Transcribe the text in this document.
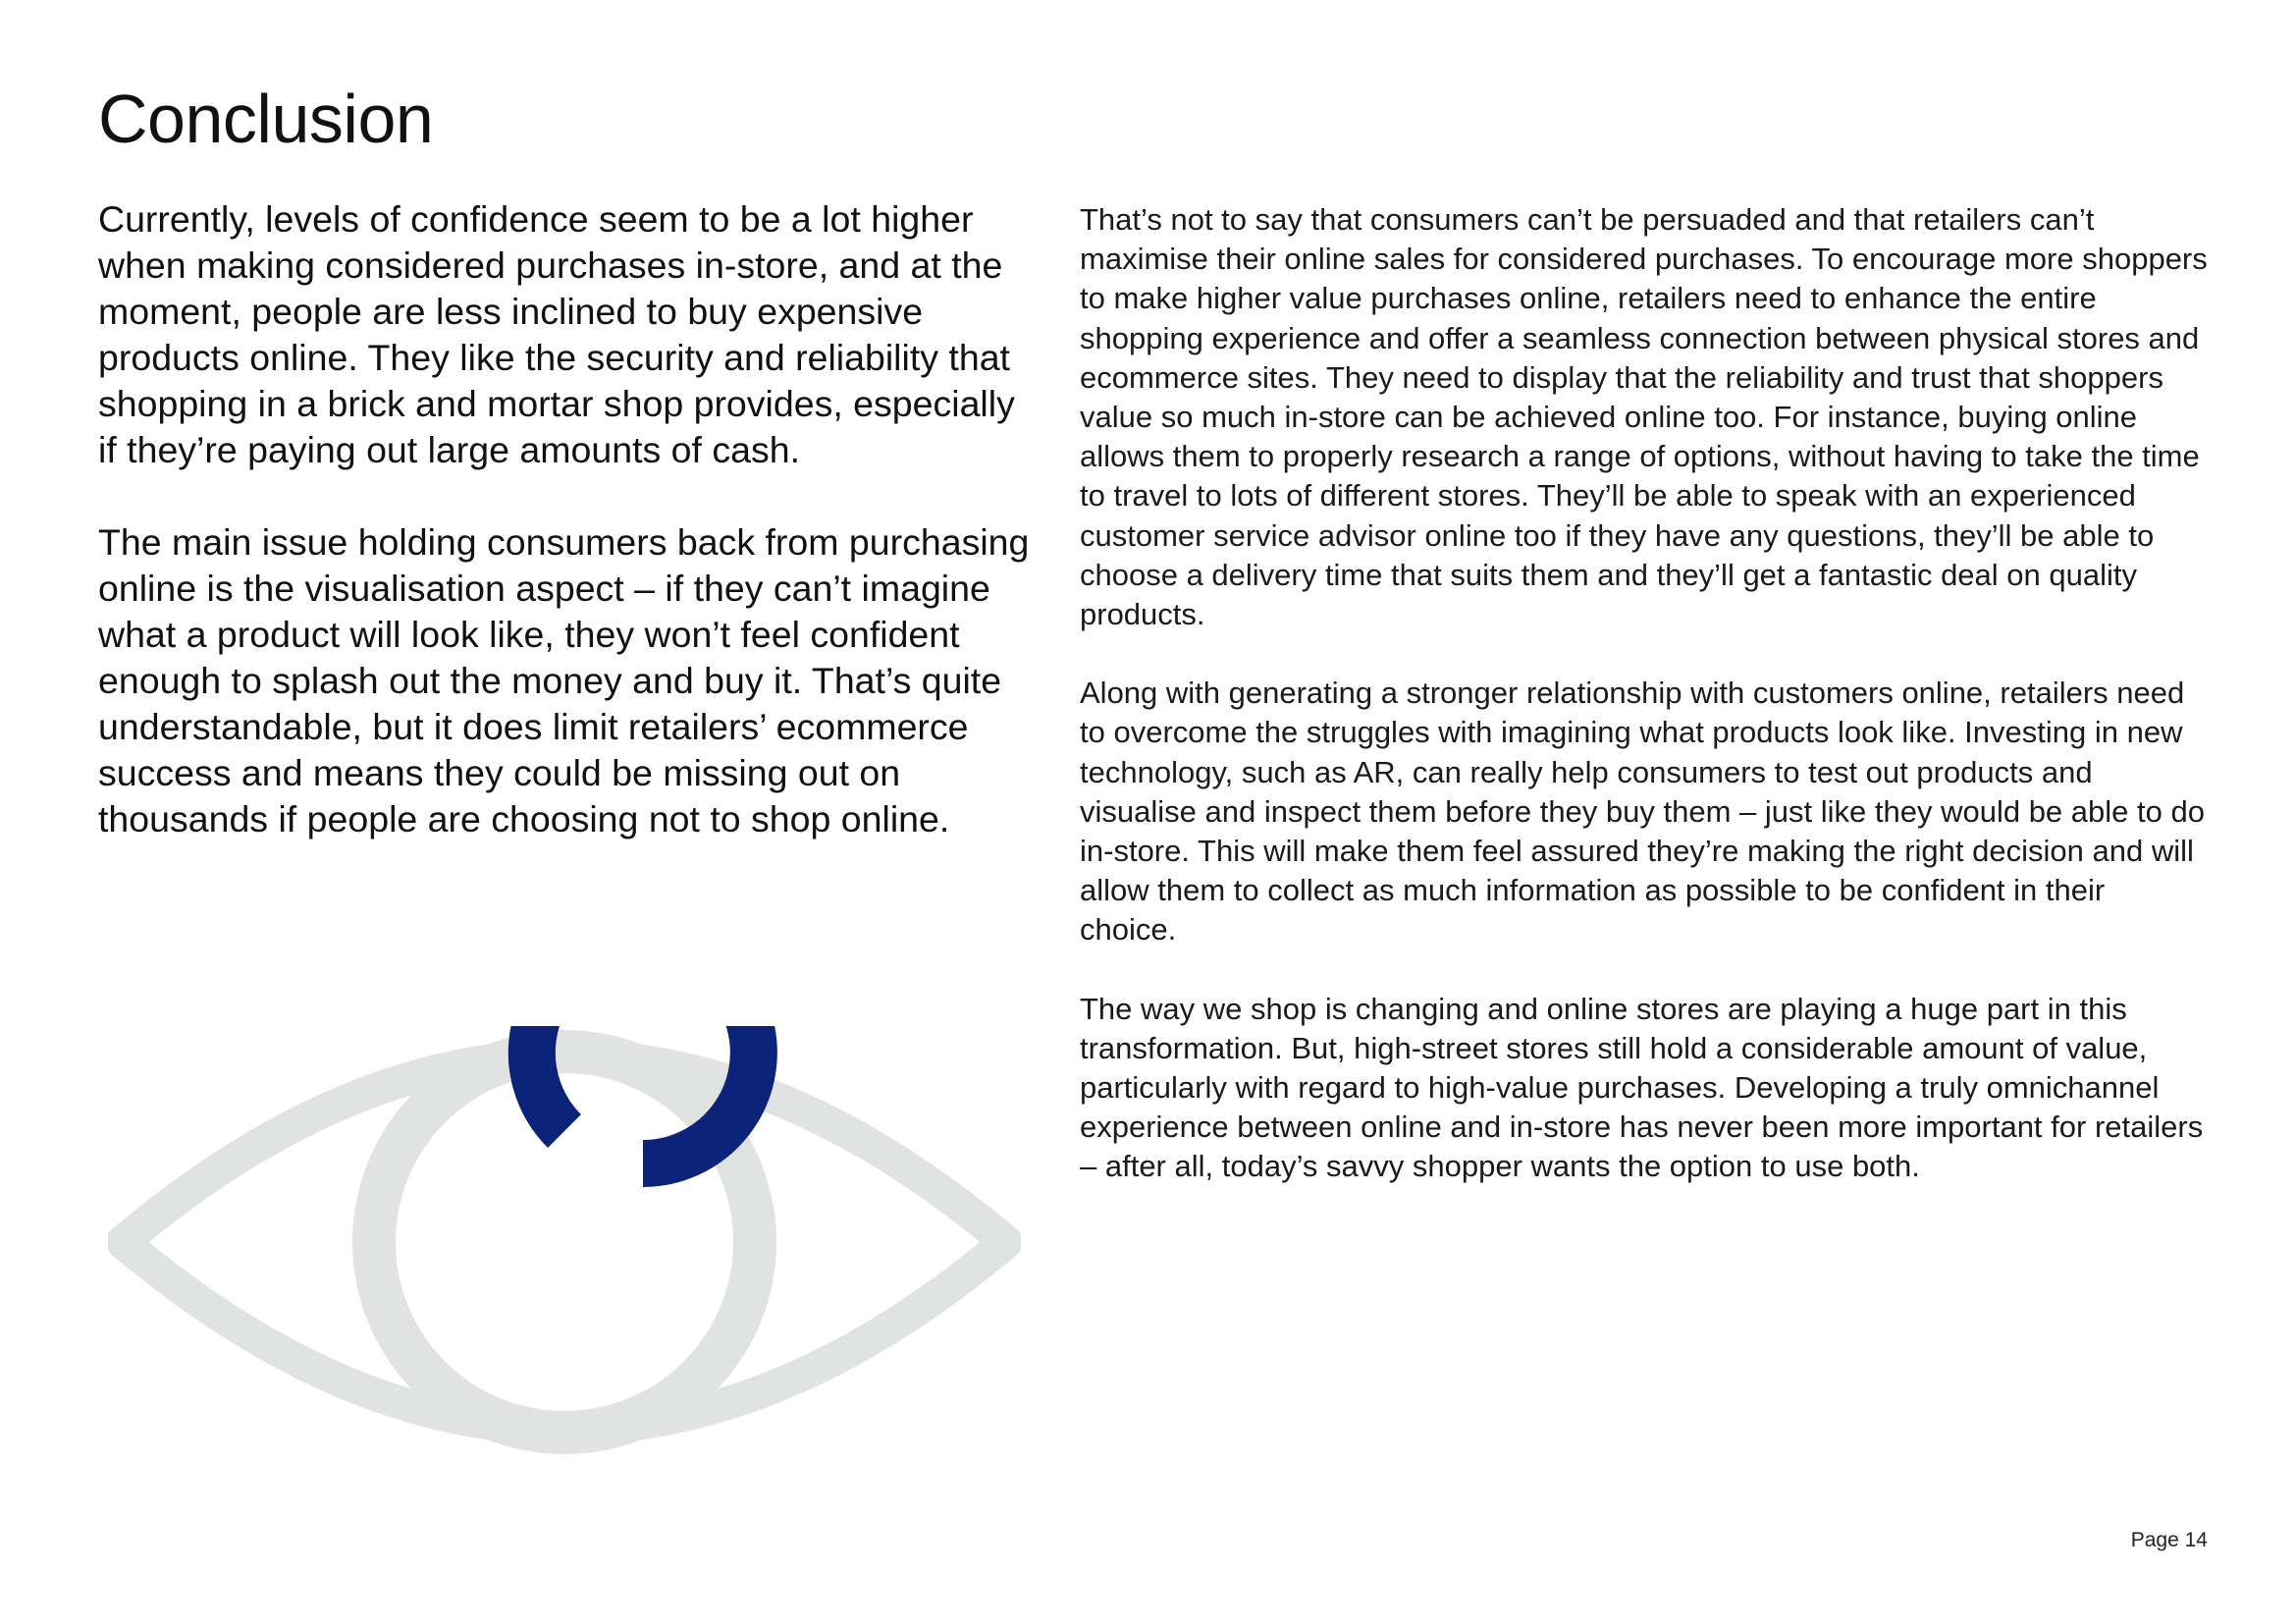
Conclusion

Currently, levels of confidence seem to be a lot higher when making considered purchases in-store, and at the moment, people are less inclined to buy expensive products online. They like the security and reliability that shopping in a brick and mortar shop provides, especially if they’re paying out large amounts of cash.

The main issue holding consumers back from purchasing online is the visualisation aspect – if they can’t imagine what a product will look like, they won’t feel confident enough to splash out the money and buy it. That’s quite understandable, but it does limit retailers’ ecommerce success and means they could be missing out on thousands if people are choosing not to shop online.

That’s not to say that consumers can’t be persuaded and that retailers can’t maximise their online sales for considered purchases. To encourage more shoppers to make higher value purchases online, retailers need to enhance the entire shopping experience and offer a seamless connection between physical stores and ecommerce sites. They need to display that the reliability and trust that shoppers value so much in-store can be achieved online too. For instance, buying online allows them to properly research a range of options, without having to take the time to travel to lots of different stores. They’ll be able to speak with an experienced customer service advisor online too if they have any questions, they’ll be able to choose a delivery time that suits them and they’ll get a fantastic deal on quality products.

Along with generating a stronger relationship with customers online, retailers need to overcome the struggles with imagining what products look like. Investing in new technology, such as AR, can really help consumers to test out products and visualise and inspect them before they buy them – just like they would be able to do in-store. This will make them feel assured they’re making the right decision and will allow them to collect as much information as possible to be confident in their choice.

The way we shop is changing and online stores are playing a huge part in this transformation. But, high-street stores still hold a considerable amount of value, particularly with regard to high-value purchases. Developing a truly omnichannel experience between online and in-store has never been more important for retailers – after all, today’s savvy shopper wants the option to use both.

Page 14
